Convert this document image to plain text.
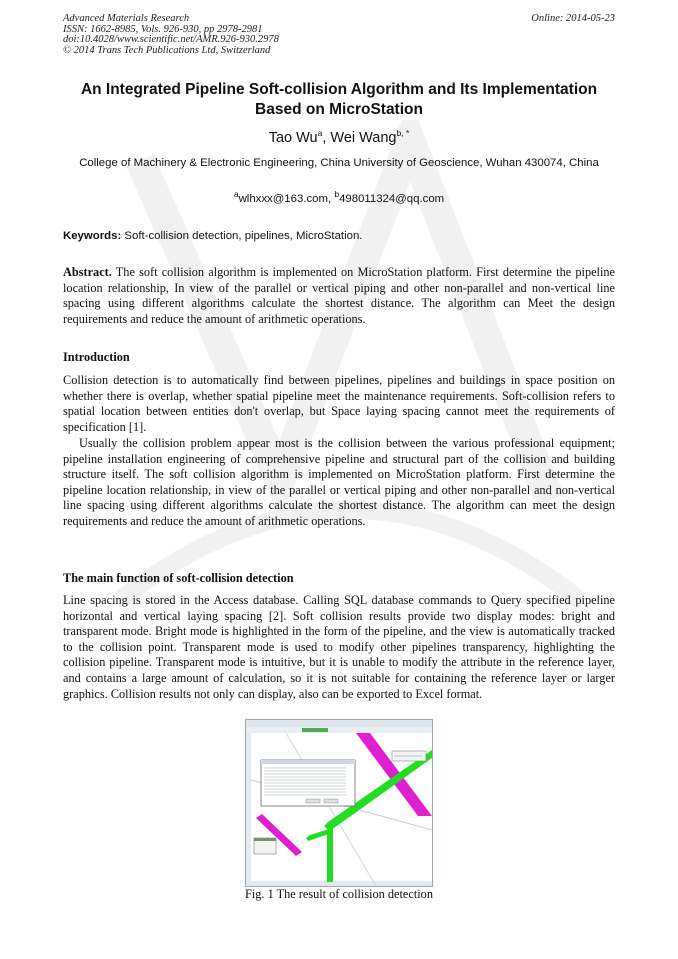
Advanced Materials Research
ISSN: 1662-8985, Vols. 926-930, pp 2978-2981
doi:10.4028/www.scientific.net/AMR.926-930.2978
© 2014 Trans Tech Publications Ltd, Switzerland
Online: 2014-05-23
An Integrated Pipeline Soft-collision Algorithm and Its Implementation
Based on MicroStation
Tao Wu$^a$, Wei Wang$^{b, *}$
College of Machinery & Electronic Engineering, China University of Geoscience, Wuhan 430074, China
$^a$wlhxxx@163.com, $^b$498011324@qq.com
Keywords: Soft-collision detection, pipelines, MicroStation.
Abstract. The soft collision algorithm is implemented on MicroStation platform. First determine the pipeline location relationship, In view of the parallel or vertical piping and other non-parallel and non-vertical line spacing using different algorithms calculate the shortest distance. The algorithm can Meet the design requirements and reduce the amount of arithmetic operations.
Introduction
Collision detection is to automatically find between pipelines, pipelines and buildings in space position on whether there is overlap, whether spatial pipeline meet the maintenance requirements. Soft-collision refers to spatial location between entities don't overlap, but Space laying spacing cannot meet the requirements of specification [1].
Usually the collision problem appear most is the collision between the various professional equipment; pipeline installation engineering of comprehensive pipeline and structural part of the collision and building structure itself. The soft collision algorithm is implemented on MicroStation platform. First determine the pipeline location relationship, in view of the parallel or vertical piping and other non-parallel and non-vertical line spacing using different algorithms calculate the shortest distance. The algorithm can meet the design requirements and reduce the amount of arithmetic operations.
The main function of soft-collision detection
Line spacing is stored in the Access database. Calling SQL database commands to Query specified pipeline horizontal and vertical laying spacing [2]. Soft collision results provide two display modes: bright and transparent mode. Bright mode is highlighted in the form of the pipeline, and the view is automatically tracked to the collision point. Transparent mode is used to modify other pipelines transparency, highlighting the collision pipeline. Transparent mode is intuitive, but it is unable to modify the attribute in the reference layer, and contains a large amount of calculation, so it is not suitable for containing the reference layer or larger graphics. Collision results not only can display, also can be exported to Excel format.
Fig. 1 The result of collision detection
